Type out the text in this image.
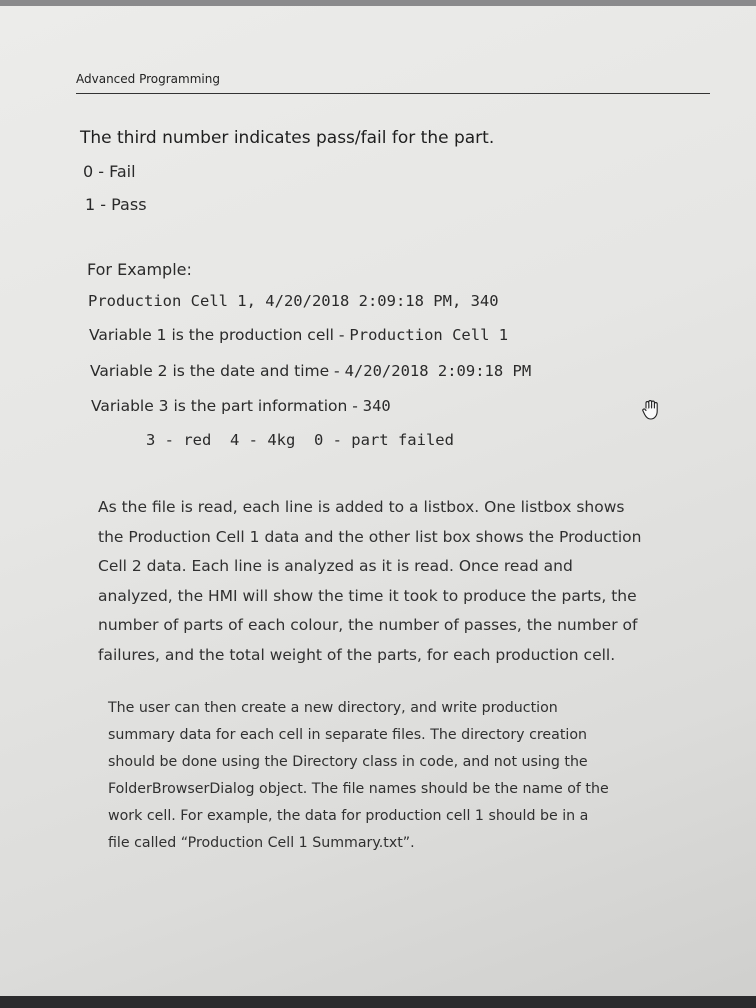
Advanced Programming
The third number indicates pass/fail for the part.
0 - Fail
1 - Pass
For Example:
Production Cell 1, 4/20/2018 2:09:18 PM, 340
Variable 1 is the production cell - Production Cell 1
Variable 2 is the date and time - 4/20/2018 2:09:18 PM
Variable 3 is the part information - 340
3 - red  4 - 4kg  0 - part failed
As the file is read, each line is added to a listbox. One listbox shows
the Production Cell 1 data and the other list box shows the Production
Cell 2 data. Each line is analyzed as it is read. Once read and
analyzed, the HMI will show the time it took to produce the parts, the
number of parts of each colour, the number of passes, the number of
failures, and the total weight of the parts, for each production cell.
The user can then create a new directory, and write production
summary data for each cell in separate files. The directory creation
should be done using the Directory class in code, and not using the
FolderBrowserDialog object. The file names should be the name of the
work cell. For example, the data for production cell 1 should be in a
file called “Production Cell 1 Summary.txt”.
